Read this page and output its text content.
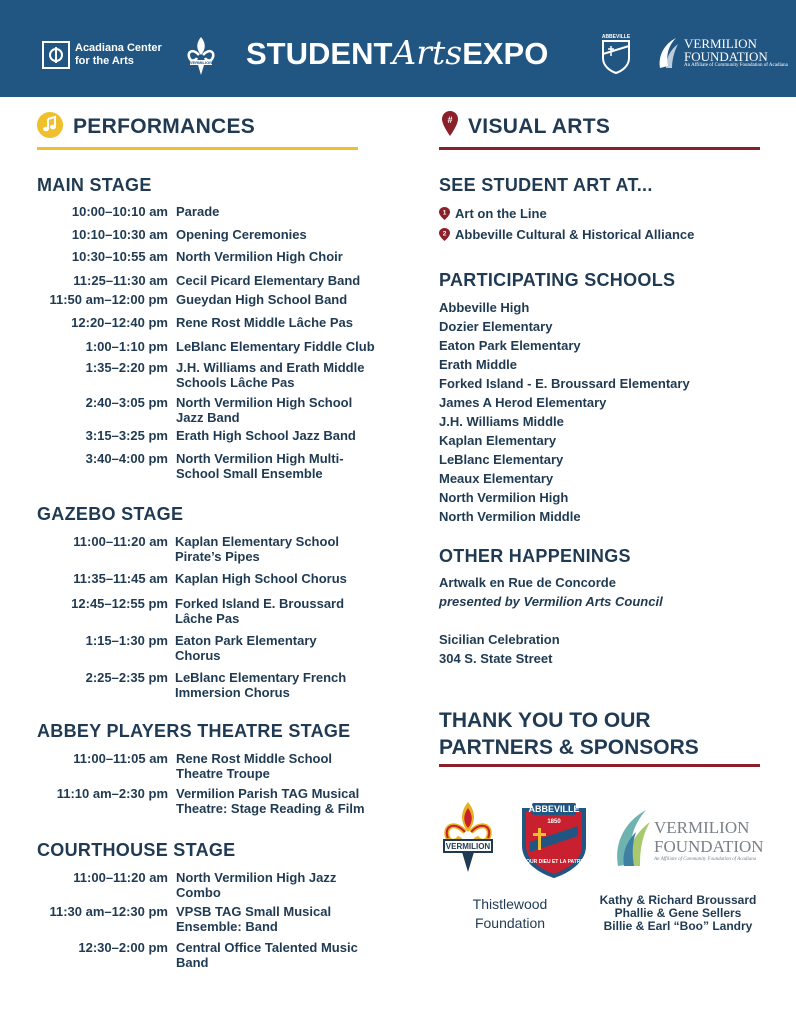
Acadiana Center
for the Arts	VERMILION STUDENTArtsEXPO	ABBEVILLE	VERMILION
FOUNDATION
An Affiliate of Community Foundation of Acadiana
PERFORMANCES	# VISUAL ARTS
MAIN STAGE
10:00–10:10 am Parade
10:10–10:30 am Opening Ceremonies
10:30–10:55 am North Vermilion High Choir
11:25–11:30 am Cecil Picard Elementary Band
11:50 am–12:00 pm Gueydan High School Band
12:20–12:40 pm Rene Rost Middle Lâche Pas
1:00–1:10 pm LeBlanc Elementary Fiddle Club
1:35–2:20 pm J.H. Williams and Erath Middle Schools Lâche Pas
2:40–3:05 pm North Vermilion High School Jazz Band
3:15–3:25 pm Erath High School Jazz Band
3:40–4:00 pm North Vermilion High Multi-School Small Ensemble
GAZEBO STAGE
11:00–11:20 am Kaplan Elementary School Pirate’s Pipes
11:35–11:45 am Kaplan High School Chorus
12:45–12:55 pm Forked Island E. Broussard Lâche Pas
1:15–1:30 pm Eaton Park Elementary Chorus
2:25–2:35 pm LeBlanc Elementary French Immersion Chorus
ABBEY PLAYERS THEATRE STAGE
11:00–11:05 am Rene Rost Middle School Theatre Troupe
11:10 am–2:30 pm Vermilion Parish TAG Musical Theatre: Stage Reading & Film
COURTHOUSE STAGE
11:00–11:20 am North Vermilion High Jazz Combo
11:30 am–12:30 pm VPSB TAG Small Musical Ensemble: Band
12:30–2:00 pm Central Office Talented Music Band
SEE STUDENT ART AT...
1 Art on the Line
2 Abbeville Cultural & Historical Alliance
PARTICIPATING SCHOOLS
Abbeville High
Dozier Elementary
Eaton Park Elementary
Erath Middle
Forked Island - E. Broussard Elementary
James A Herod Elementary
J.H. Williams Middle
Kaplan Elementary
LeBlanc Elementary
Meaux Elementary
North Vermilion High
North Vermilion Middle
OTHER HAPPENINGS
Artwalk en Rue de Concorde
presented by Vermilion Arts Council
Sicilian Celebration
304 S. State Street
THANK YOU TO OUR
PARTNERS & SPONSORS
VERMILION
ABBEVILLE
1850
POUR DIEU ET LA PATRIE
VERMILION
FOUNDATION
An Affiliate of Community Foundation of Acadiana
Thistlewood
Foundation
Kathy & Richard Broussard
Phallie & Gene Sellers
Billie & Earl “Boo” Landry
